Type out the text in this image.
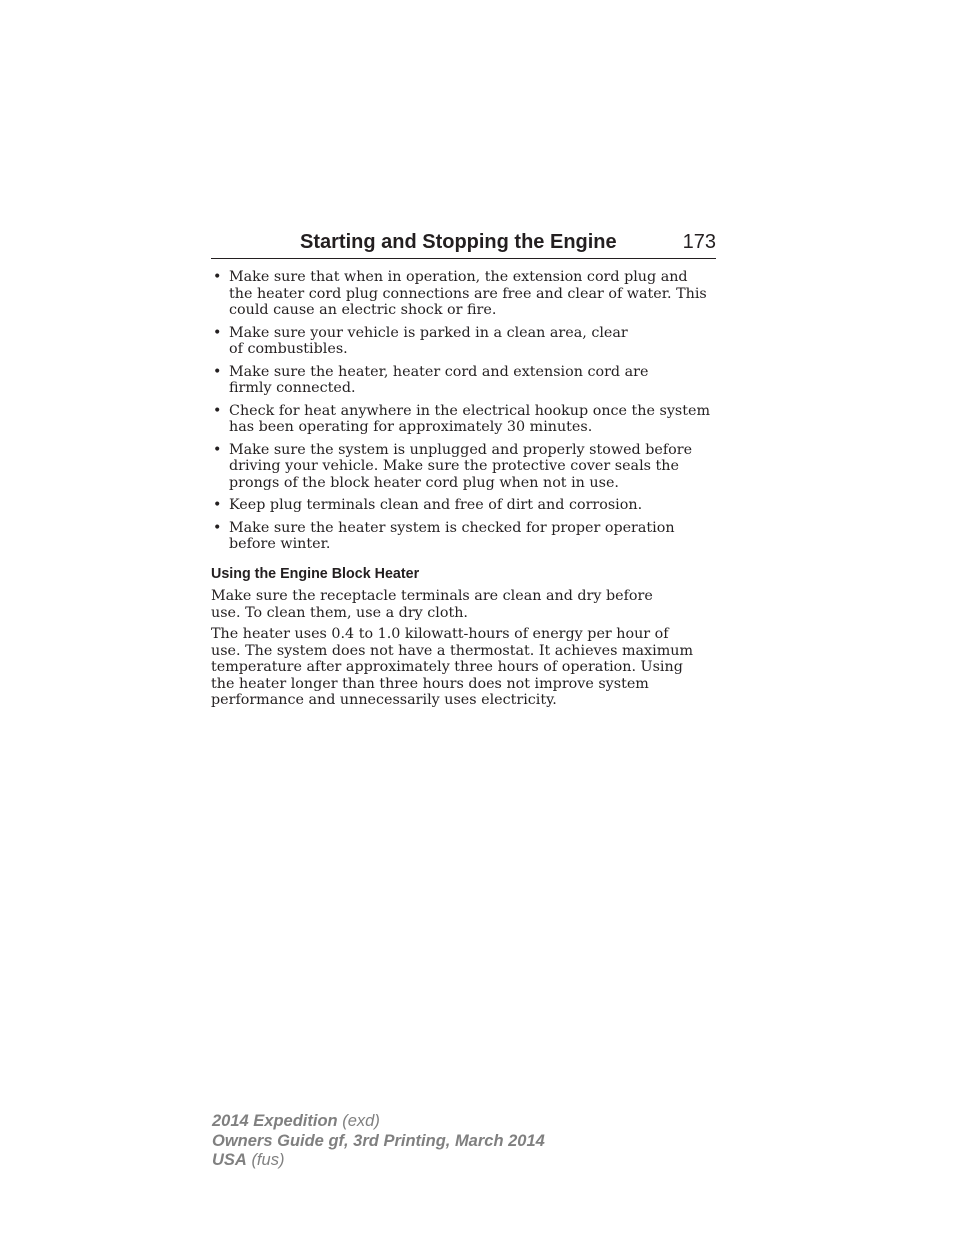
Starting and Stopping the Engine	173
• Make sure that when in operation, the extension cord plug and the heater cord plug connections are free and clear of water. This could cause an electric shock or fire.
• Make sure your vehicle is parked in a clean area, clear of combustibles.
• Make sure the heater, heater cord and extension cord are firmly connected.
• Check for heat anywhere in the electrical hookup once the system has been operating for approximately 30 minutes.
• Make sure the system is unplugged and properly stowed before driving your vehicle. Make sure the protective cover seals the prongs of the block heater cord plug when not in use.
• Keep plug terminals clean and free of dirt and corrosion.
• Make sure the heater system is checked for proper operation before winter.
Using the Engine Block Heater

Make sure the receptacle terminals are clean and dry before use. To clean them, use a dry cloth.

The heater uses 0.4 to 1.0 kilowatt-hours of energy per hour of use. The system does not have a thermostat. It achieves maximum temperature after approximately three hours of operation. Using the heater longer than three hours does not improve system performance and unnecessarily uses electricity.

2014 Expedition (exd)
Owners Guide gf, 3rd Printing, March 2014
USA (fus)
